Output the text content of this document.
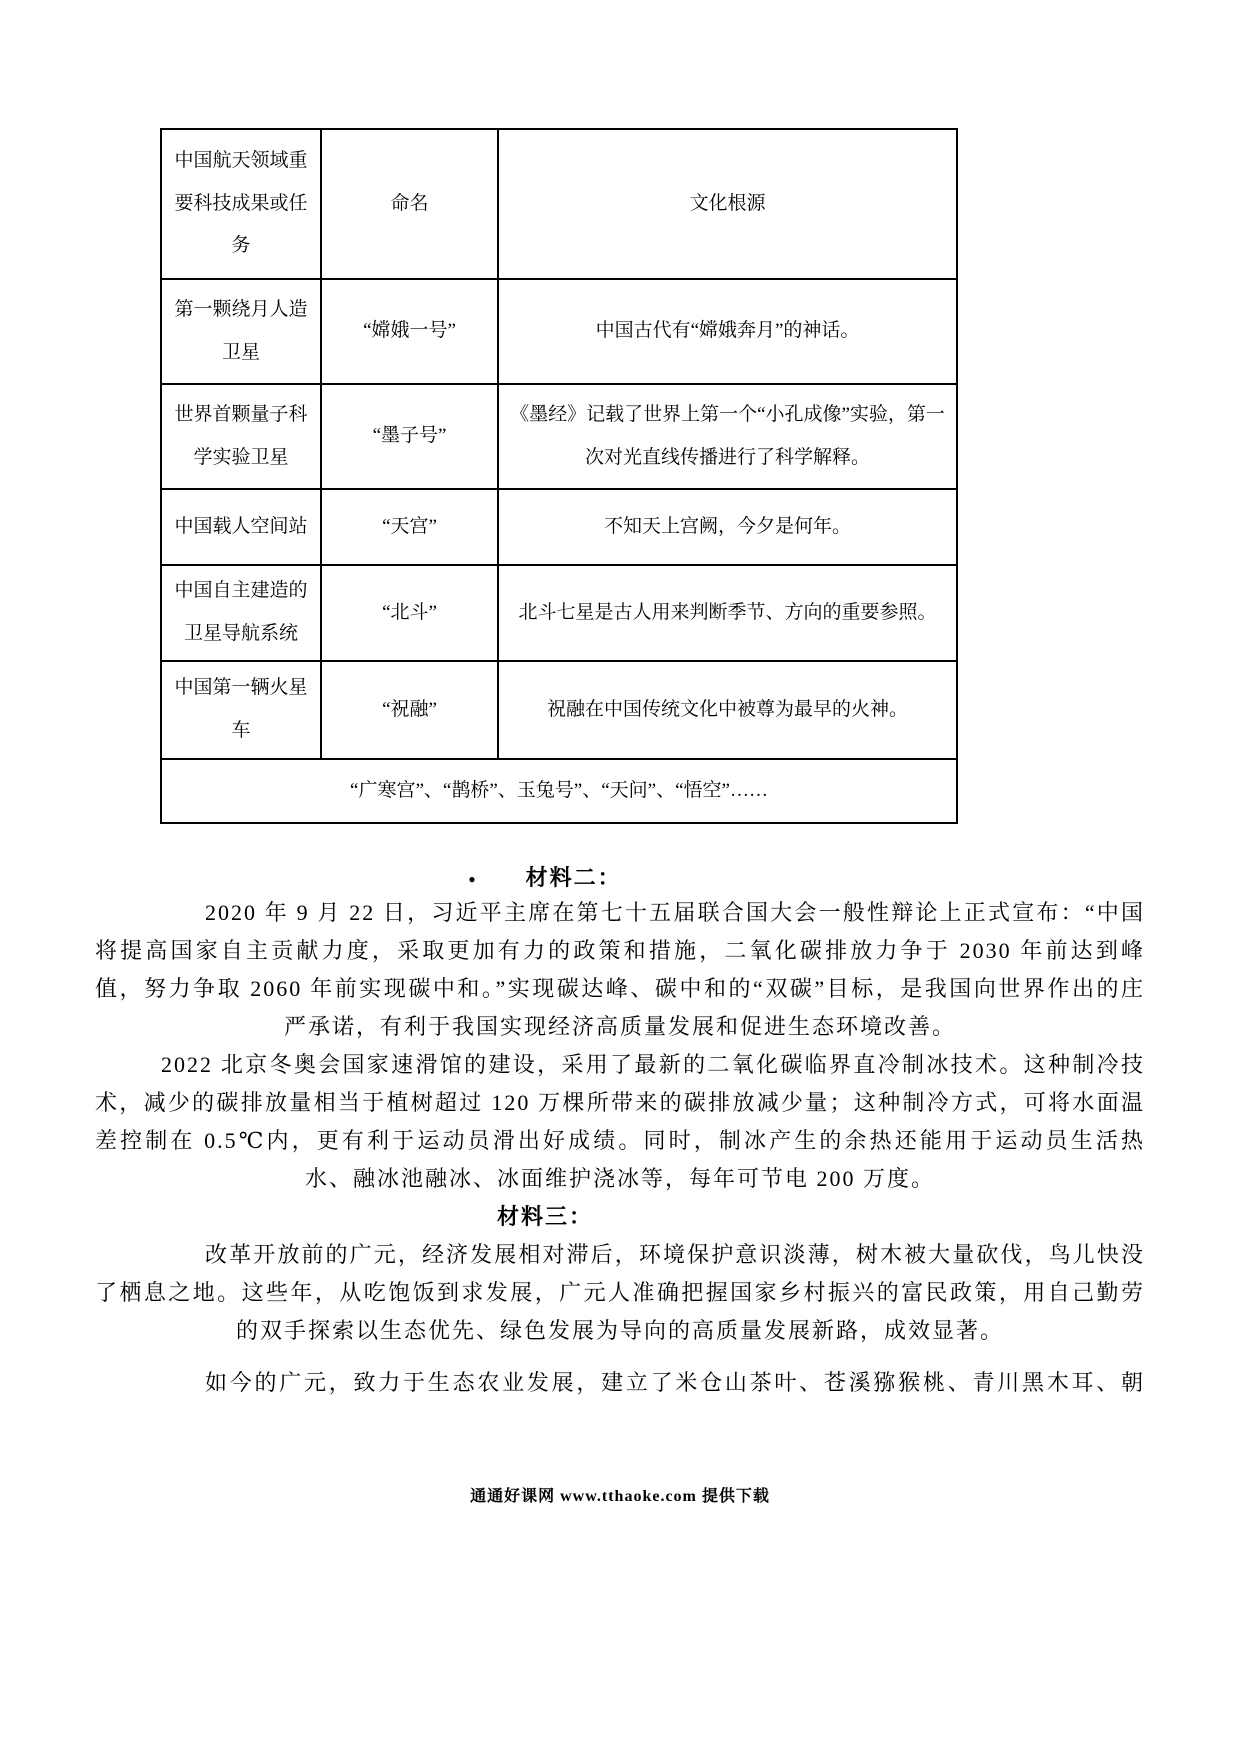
中国航天领域重要科技成果或任务	命名	文化根源
第一颗绕月人造卫星	“嫦娥一号”	中国古代有“嫦娥奔月”的神话。
世界首颗量子科学实验卫星	“墨子号”	《墨经》记载了世界上第一个“小孔成像”实验，第一次对光直线传播进行了科学解释。
中国载人空间站	“天宫”	不知天上宫阙，今夕是何年。
中国自主建造的卫星导航系统	“北斗”	北斗七星是古人用来判断季节、方向的重要参照。
中国第一辆火星车	“祝融”	祝融在中国传统文化中被尊为最早的火神。
“广寒宫”、“鹊桥”、玉兔号”、“天问”、“悟空”……		
● 材料二：

2020 年 9 月 22 日，习近平主席在第七十五届联合国大会一般性辩论上正式宣布：“中国将提高国家自主贡献力度，采取更加有力的政策和措施，二氧化碳排放力争于 2030 年前达到峰值，努力争取 2060 年前实现碳中和。”实现碳达峰、碳中和的“双碳”目标，是我国向世界作出的庄严承诺，有利于我国实现经济高质量发展和促进生态环境改善。

2022 北京冬奥会国家速滑馆的建设，采用了最新的二氧化碳临界直冷制冰技术。这种制冷技术，减少的碳排放量相当于植树超过 120 万棵所带来的碳排放减少量；这种制冷方式，可将水面温差控制在 0.5℃内，更有利于运动员滑出好成绩。同时，制冰产生的余热还能用于运动员生活热水、融冰池融冰、冰面维护浇冰等，每年可节电 200 万度。

材料三：

改革开放前的广元，经济发展相对滞后，环境保护意识淡薄，树木被大量砍伐，鸟儿快没了栖息之地。这些年，从吃饱饭到求发展，广元人准确把握国家乡村振兴的富民政策，用自己勤劳的双手探索以生态优先、绿色发展为导向的高质量发展新路，成效显著。

如今的广元，致力于生态农业发展，建立了米仓山茶叶、苍溪猕猴桃、青川黑木耳、朝

通通好课网 www.tthaoke.com 提供下载
